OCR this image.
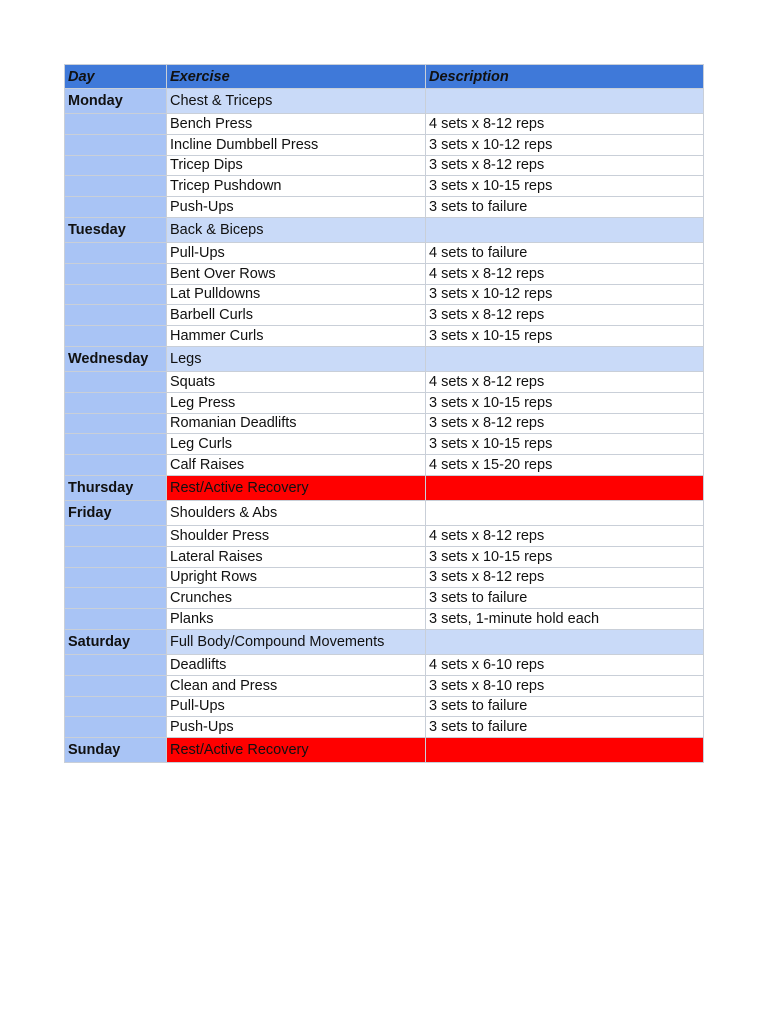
Day	Exercise	Description
Monday	Chest & Triceps	
	Bench Press	4 sets x 8-12 reps
	Incline Dumbbell Press	3 sets x 10-12 reps
	Tricep Dips	3 sets x 8-12 reps
	Tricep Pushdown	3 sets x 10-15 reps
	Push-Ups	3 sets to failure
Tuesday	Back & Biceps	
	Pull-Ups	4 sets to failure
	Bent Over Rows	4 sets x 8-12 reps
	Lat Pulldowns	3 sets x 10-12 reps
	Barbell Curls	3 sets x 8-12 reps
	Hammer Curls	3 sets x 10-15 reps
Wednesday	Legs	
	Squats	4 sets x 8-12 reps
	Leg Press	3 sets x 10-15 reps
	Romanian Deadlifts	3 sets x 8-12 reps
	Leg Curls	3 sets x 10-15 reps
	Calf Raises	4 sets x 15-20 reps
Thursday	Rest/Active Recovery	
Friday	Shoulders & Abs	
	Shoulder Press	4 sets x 8-12 reps
	Lateral Raises	3 sets x 10-15 reps
	Upright Rows	3 sets x 8-12 reps
	Crunches	3 sets to failure
	Planks	3 sets, 1-minute hold each
Saturday	Full Body/Compound Movements	
	Deadlifts	4 sets x 6-10 reps
	Clean and Press	3 sets x 8-10 reps
	Pull-Ups	3 sets to failure
	Push-Ups	3 sets to failure
Sunday	Rest/Active Recovery	
